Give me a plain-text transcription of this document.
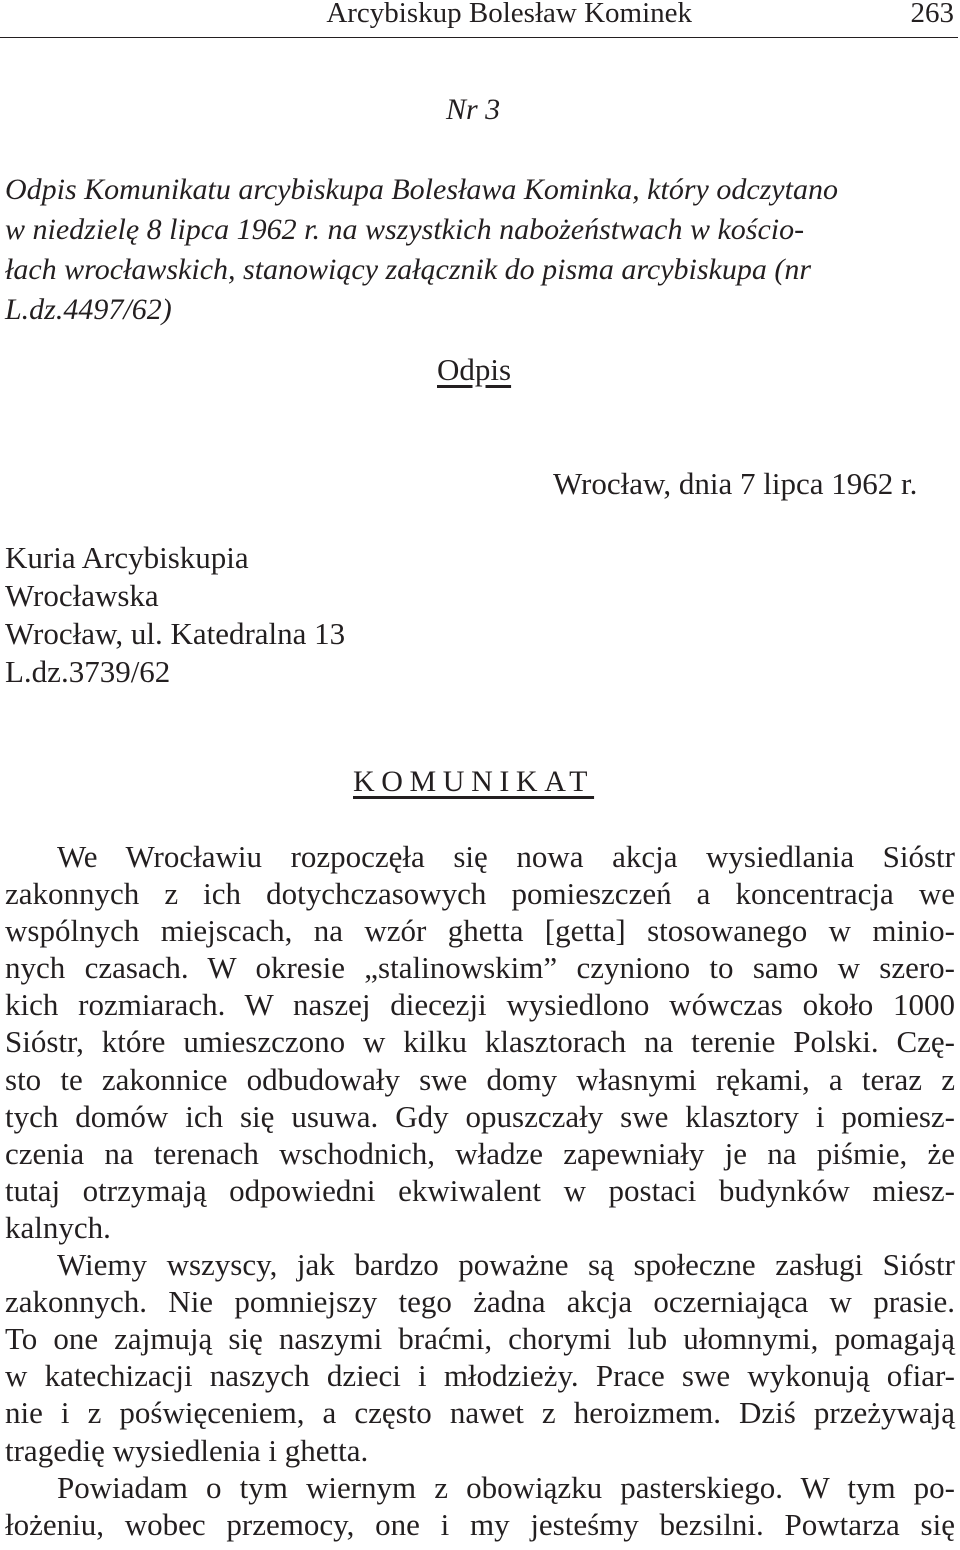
Arcybiskup Bolesław Kominek	263

Nr 3

Odpis Komunikatu arcybiskupa Bolesława Kominka, który odczytano
w niedzielę 8 lipca 1962 r. na wszystkich nabożeństwach w kościo-
łach wrocławskich, stanowiący załącznik do pisma arcybiskupa (nr
L.dz.4497/62)

Odpis

Wrocław, dnia 7 lipca 1962 r.

Kuria Arcybiskupia
Wrocławska
Wrocław, ul. Katedralna 13
L.dz.3739/62

KOMUNIKAT

We Wrocławiu rozpoczęła się nowa akcja wysiedlania Sióstr
zakonnych z ich dotychczasowych pomieszczeń a koncentracja we
wspólnych miejscach, na wzór ghetta [getta] stosowanego w minio-
nych czasach. W okresie „stalinowskim” czyniono to samo w szero-
kich rozmiarach. W naszej diecezji wysiedlono wówczas około 1000
Sióstr, które umieszczono w kilku klasztorach na terenie Polski. Czę-
sto te zakonnice odbudowały swe domy własnymi rękami, a teraz z
tych domów ich się usuwa. Gdy opuszczały swe klasztory i pomiesz-
czenia na terenach wschodnich, władze zapewniały je na piśmie, że
tutaj otrzymają odpowiedni ekwiwalent w postaci budynków miesz-
kalnych.
Wiemy wszyscy, jak bardzo poważne są społeczne zasługi Sióstr
zakonnych. Nie pomniejszy tego żadna akcja oczerniająca w prasie.
To one zajmują się naszymi braćmi, chorymi lub ułomnymi, pomagają
w katechizacji naszych dzieci i młodzieży. Prace swe wykonują ofiar-
nie i z poświęceniem, a często nawet z heroizmem. Dziś przeżywają
tragedię wysiedlenia i ghetta.
Powiadam o tym wiernym z obowiązku pasterskiego. W tym po-
łożeniu, wobec przemocy, one i my jesteśmy bezsilni. Powtarza się
